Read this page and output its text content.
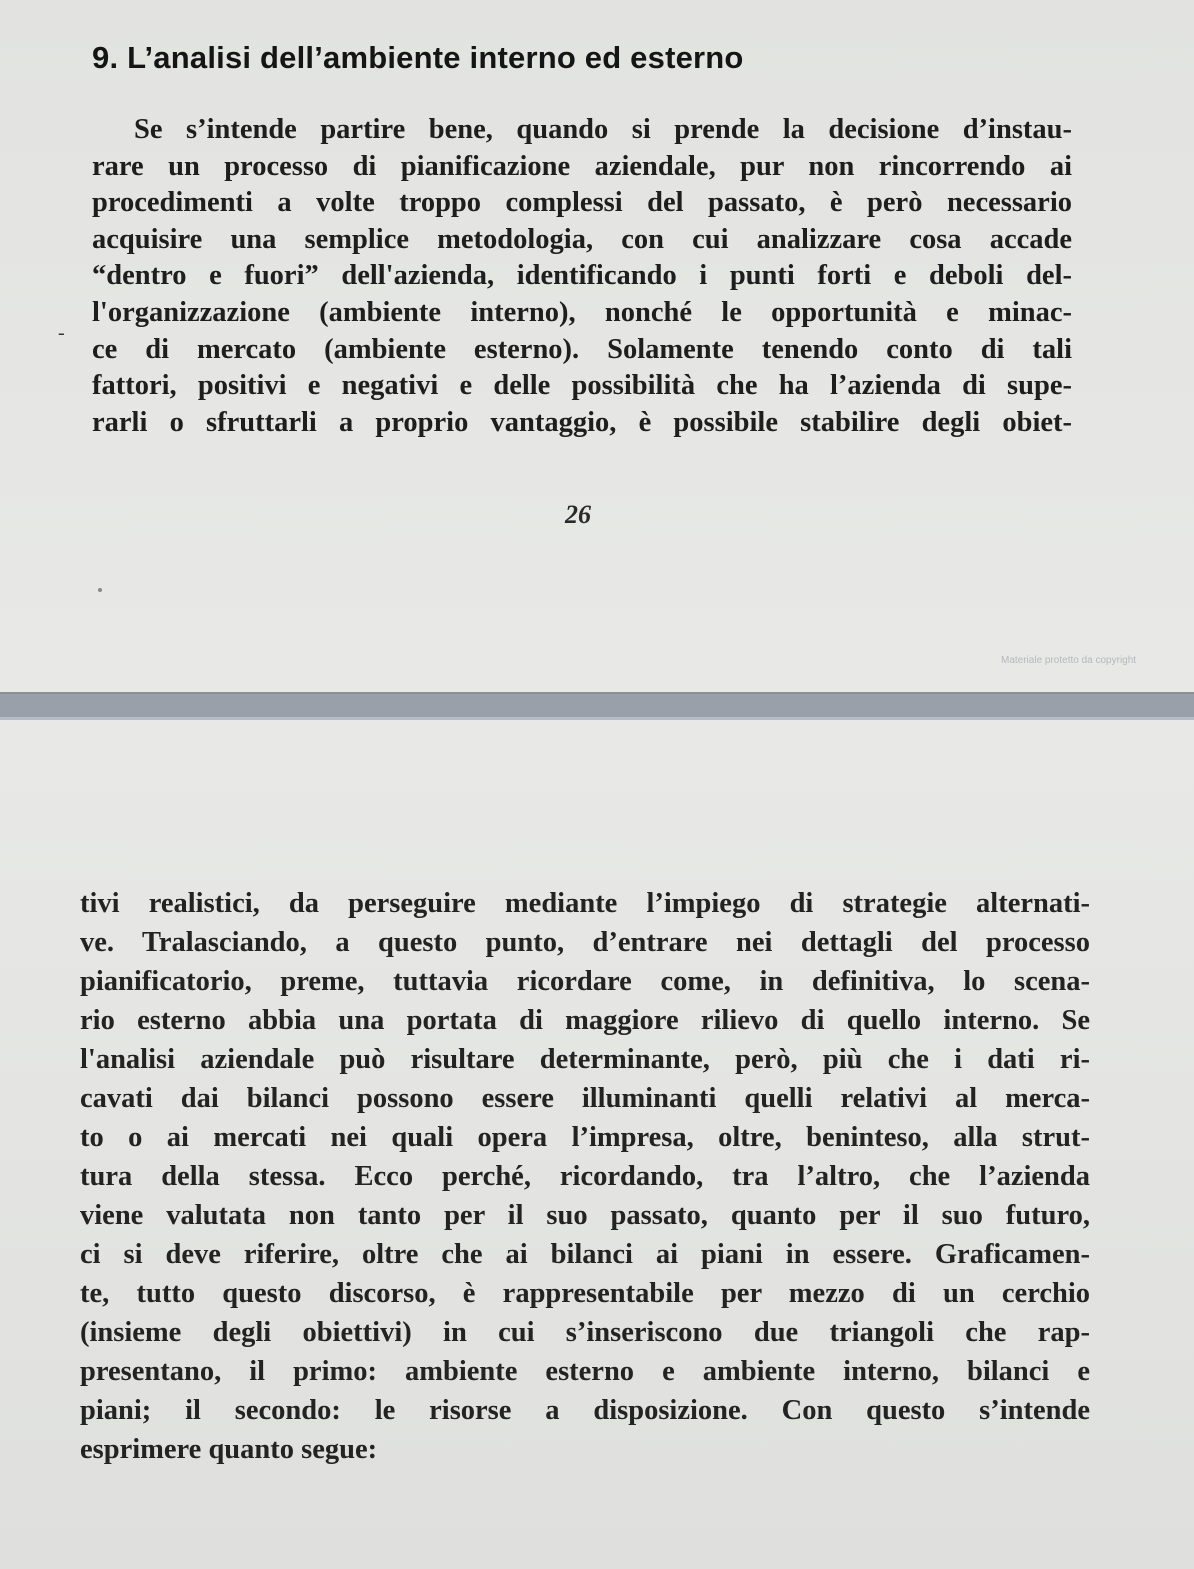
9. L’analisi dell’ambiente interno ed esterno
-

Se s’intende partire bene, quando si prende la decisione d’instau-
rare un processo di pianificazione aziendale, pur non rincorrendo ai
procedimenti a volte troppo complessi del passato, è però necessario
acquisire una semplice metodologia, con cui analizzare cosa accade
“dentro e fuori” dell'azienda, identificando i punti forti e deboli del-
l'organizzazione (ambiente interno), nonché le opportunità e minac-
ce di mercato (ambiente esterno). Solamente tenendo conto di tali
fattori, positivi e negativi e delle possibilità che ha l’azienda di supe-
rarli o sfruttarli a proprio vantaggio, è possibile stabilire degli obiet-

26

Materiale protetto da copyright

tivi realistici, da perseguire mediante l’impiego di strategie alternati-
ve. Tralasciando, a questo punto, d’entrare nei dettagli del processo
pianificatorio, preme, tuttavia ricordare come, in definitiva, lo scena-
rio esterno abbia una portata di maggiore rilievo di quello interno. Se
l'analisi aziendale può risultare determinante, però, più che i dati ri-
cavati dai bilanci possono essere illuminanti quelli relativi al merca-
to o ai mercati nei quali opera l’impresa, oltre, beninteso, alla strut-
tura della stessa. Ecco perché, ricordando, tra l’altro, che l’azienda
viene valutata non tanto per il suo passato, quanto per il suo futuro,
ci si deve riferire, oltre che ai bilanci ai piani in essere. Graficamen-
te, tutto questo discorso, è rappresentabile per mezzo di un cerchio
(insieme degli obiettivi) in cui s’inseriscono due triangoli che rap-
presentano, il primo: ambiente esterno e ambiente interno, bilanci e
piani; il secondo: le risorse a disposizione. Con questo s’intende
esprimere quanto segue:
